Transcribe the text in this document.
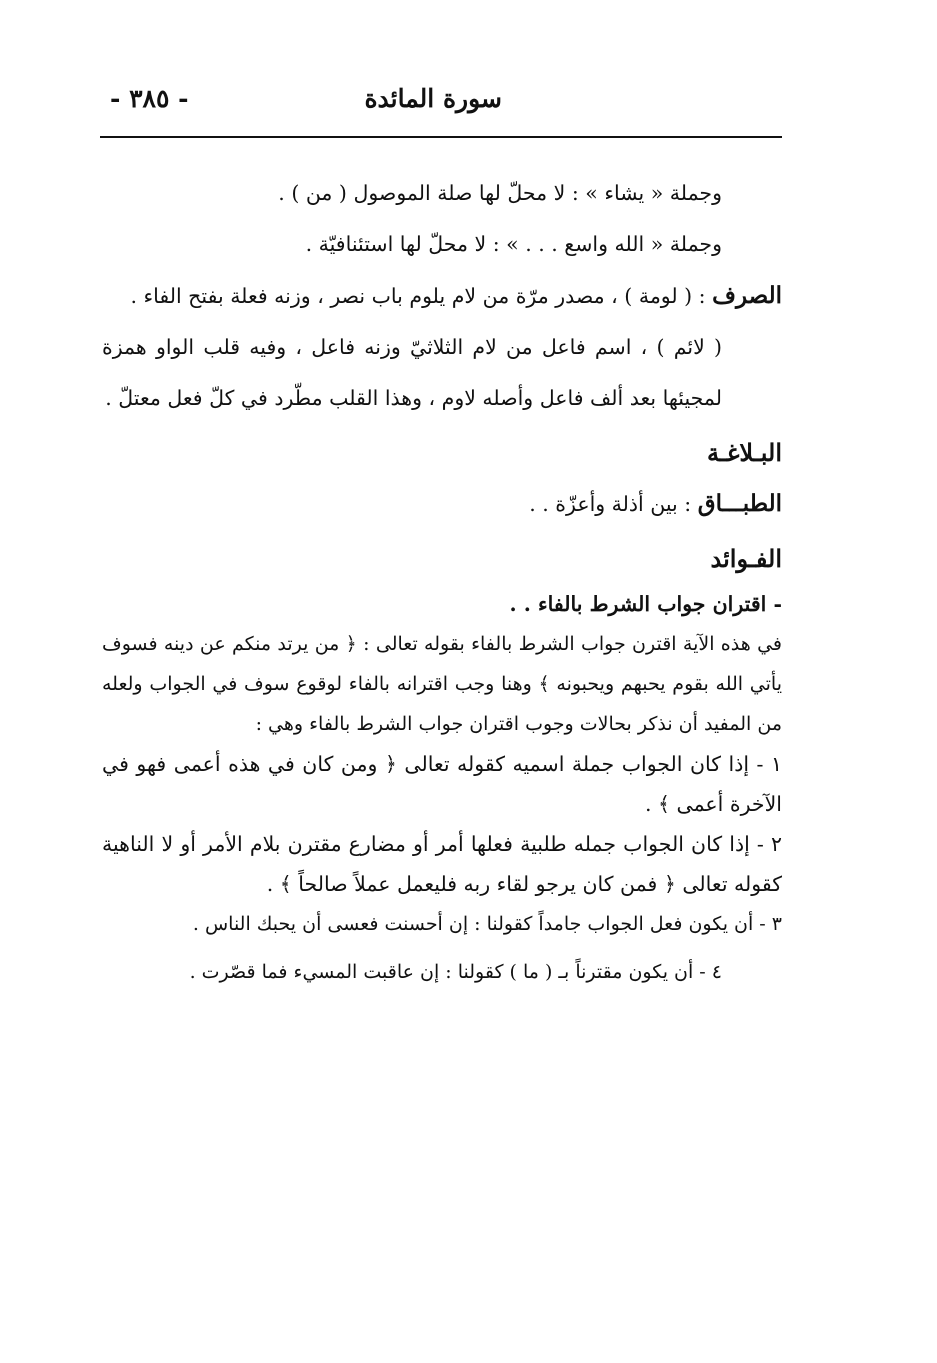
سورة المائدة
- ٣٨٥ -
وجملة « يشاء » : لا محلّ لها صلة الموصول ( من ) .
وجملة « الله واسع . . . » : لا محلّ لها استئنافيّة .
الصرف : ( لومة ) ، مصدر مرّة من لام يلوم باب نصر ، وزنه فعلة بفتح الفاء .
( لائم ) ، اسم فاعل من لام الثلاثيّ وزنه فاعل ، وفيه قلب الواو همزة لمجيئها بعد ألف فاعل وأصله لاوم ، وهذا القلب مطّرد في كلّ فعل معتلّ .
البـلاغـة
الطبـــاق : بين أذلة وأعزّة . .
الفـوائد
- اقتران جواب الشرط بالفاء . .
في هذه الآية اقترن جواب الشرط بالفاء بقوله تعالى : ﴿ من يرتد منكم عن دينه فسوف يأتي الله بقوم يحبهم ويحبونه ﴾ وهنا وجب اقترانه بالفاء لوقوع سوف في الجواب ولعله من المفيد أن نذكر بحالات وجوب اقتران جواب الشرط بالفاء وهي :
١ - إذا كان الجواب جملة اسميه كقوله تعالى ﴿ ومن كان في هذه أعمى فهو في الآخرة أعمى ﴾ .
٢ - إذا كان الجواب جمله طلبية فعلها أمر أو مضارع مقترن بلام الأمر أو لا الناهية كقوله تعالى ﴿ فمن كان يرجو لقاء ربه فليعمل عملاً صالحاً ﴾ .
٣ - أن يكون فعل الجواب جامداً كقولنا : إن أحسنت فعسى أن يحبك الناس .
٤ - أن يكون مقترناً بـ ( ما ) كقولنا : إن عاقبت المسيء فما قصّرت .
